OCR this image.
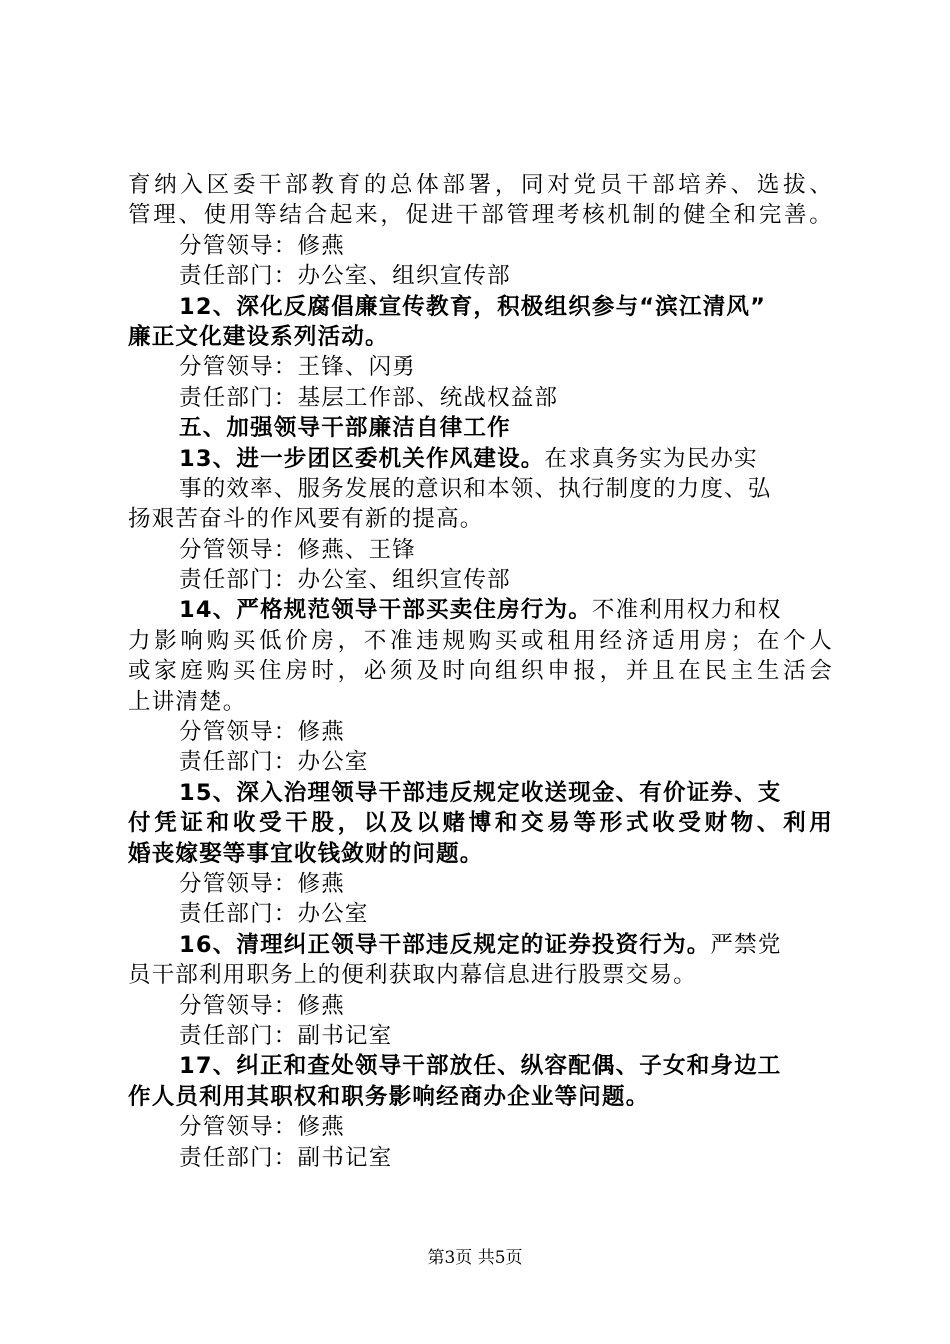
育纳入区委干部教育的总体部署，同对党员干部培养、选拔、
管理、使用等结合起来，促进干部管理考核机制的健全和完善。
分管领导：修燕
责任部门：办公室、组织宣传部
12、深化反腐倡廉宣传教育，积极组织参与“滨江清风”
廉正文化建设系列活动。
分管领导：王锋、闪勇
责任部门：基层工作部、统战权益部
五、加强领导干部廉洁自律工作
13、进一步团区委机关作风建设。在求真务实为民办实
事的效率、服务发展的意识和本领、执行制度的力度、弘
扬艰苦奋斗的作风要有新的提高。
分管领导：修燕、王锋
责任部门：办公室、组织宣传部
14、严格规范领导干部买卖住房行为。不准利用权力和权
力影响购买低价房，不准违规购买或租用经济适用房；在个人
或家庭购买住房时，必须及时向组织申报，并且在民主生活会
上讲清楚。
分管领导：修燕
责任部门：办公室
15、深入治理领导干部违反规定收送现金、有价证券、支
付凭证和收受干股，以及以赌博和交易等形式收受财物、利用
婚丧嫁娶等事宜收钱敛财的问题。
分管领导：修燕
责任部门：办公室
16、清理纠正领导干部违反规定的证券投资行为。严禁党
员干部利用职务上的便利获取内幕信息进行股票交易。
分管领导：修燕
责任部门：副书记室
17、纠正和查处领导干部放任、纵容配偶、子女和身边工
作人员利用其职权和职务影响经商办企业等问题。
分管领导：修燕
责任部门：副书记室
第3页 共5页
